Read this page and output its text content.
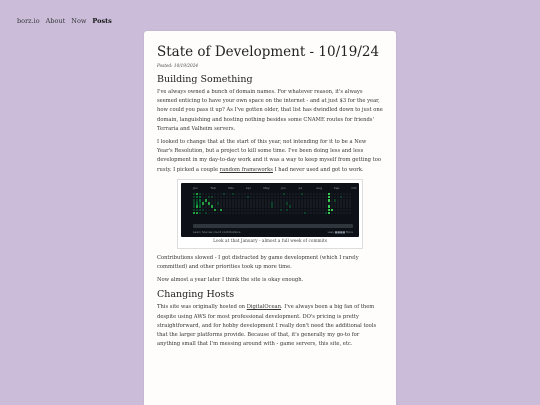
borz.io About Now Posts
State of Development - 10/19/24
Posted: 10/19/2024
Building Something

I've always owned a bunch of domain names. For whatever reason, it's always seemed enticing to have your own space on the internet - and at just $3 for the year, how could you pass it up? As I've gotten older, that list has dwindled down to just one domain, languishing and hosting nothing besides some CNAME routes for friends' Terraria and Valheim servers.

I looked to change that at the start of this year, not intending for it to be a New Year's Resolution, but a project to kill some time. I've been doing less and less development in my day-to-day work and it was a way to keep myself from getting too rusty. I picked a couple random frameworks I had never used and got to work.

Jan	Feb	Mar	Apr	May	Jun	Jul	Aug	Sep	Oct
Learn how we count contributions	Less ■■■■ More
Look at that January - almost a full week of commits

Contributions slowed - I got distracted by game development (which I rarely committed) and other priorities took up more time.

Now almost a year later I think the site is okay enough.

Changing Hosts

This site was originally hosted on DigitalOcean. I've always been a big fan of them despite using AWS for most professional development. DO's pricing is pretty straightforward, and for hobby development I really don't need the additional tools that the larger platforms provide. Because of that, it's generally my go-to for anything small that I'm messing around with - game servers, this site, etc.
